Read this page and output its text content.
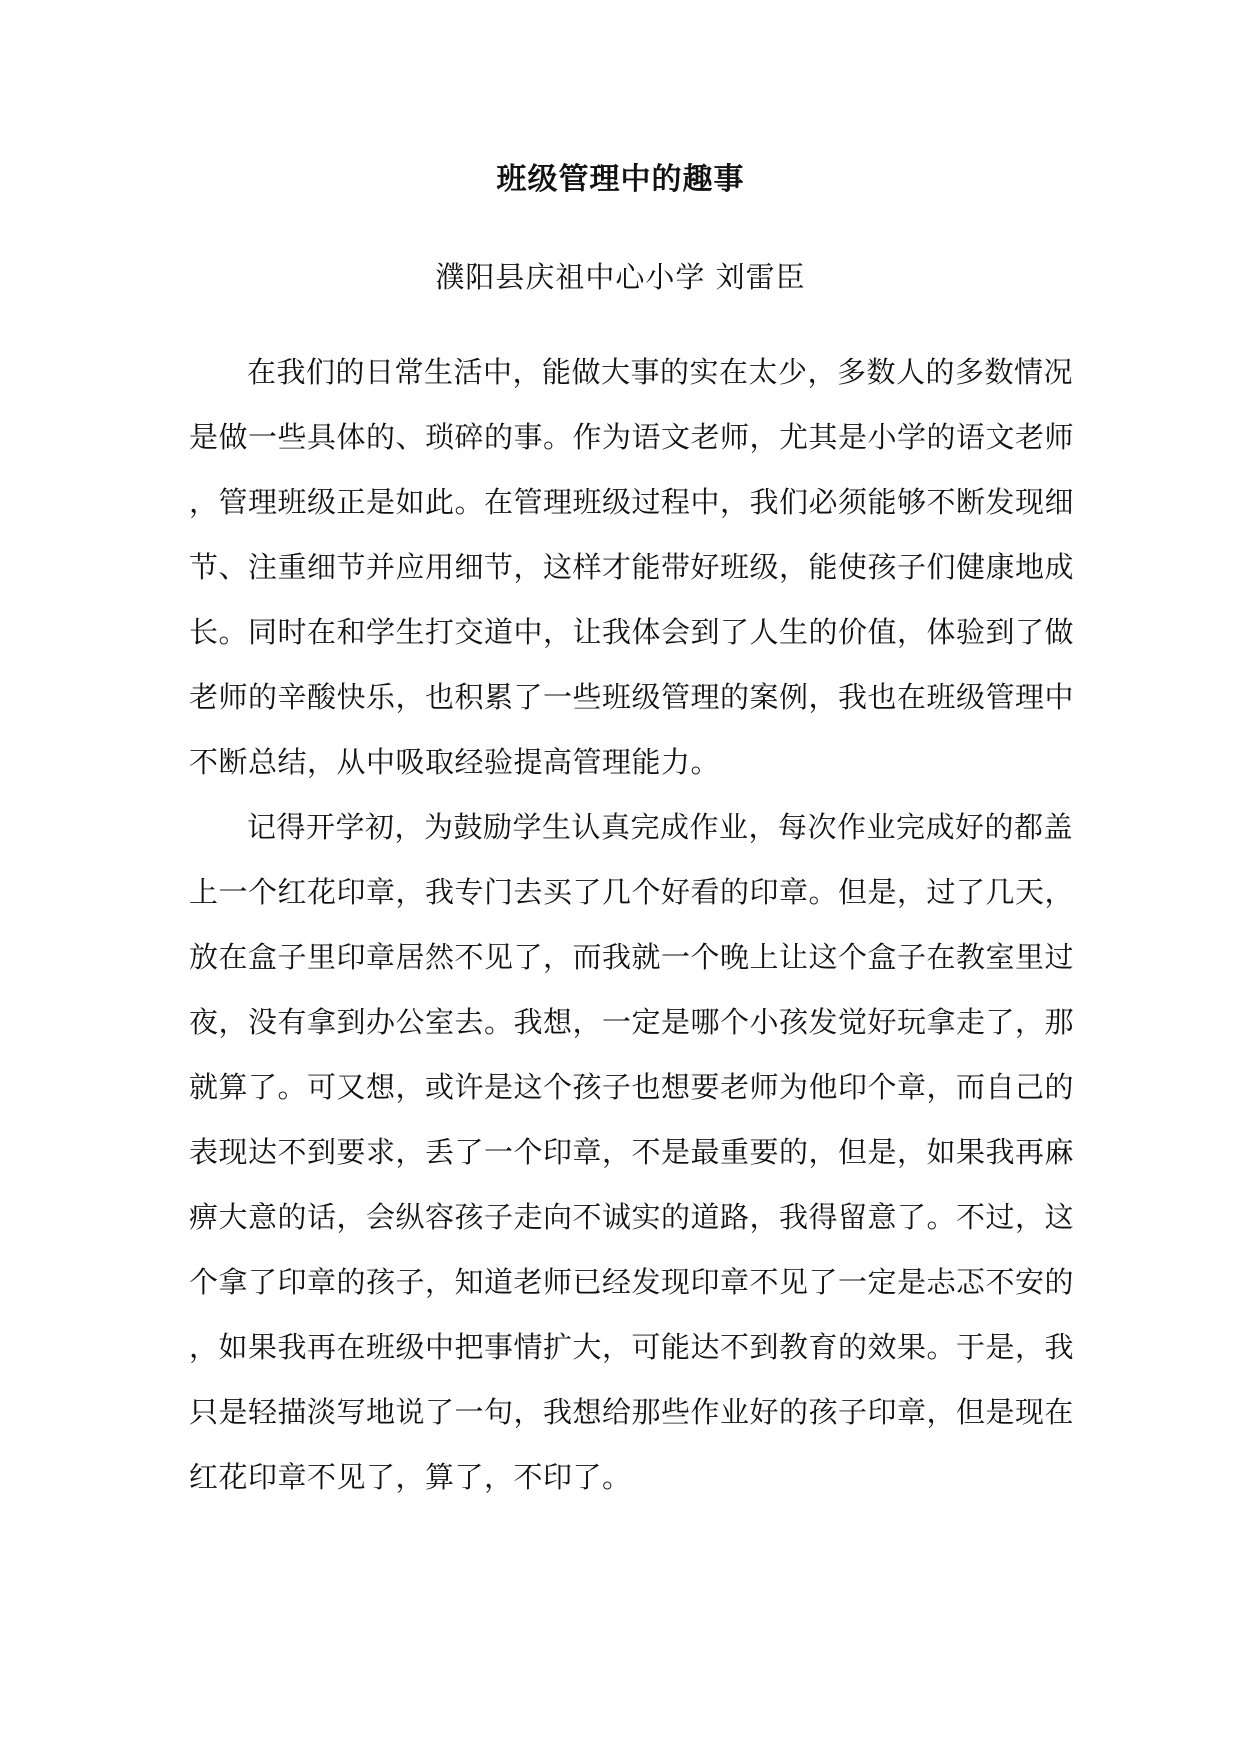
班级管理中的趣事

濮阳县庆祖中心小学 刘雷臣

在我们的日常生活中，能做大事的实在太少，多数人的多数情况
是做一些具体的、琐碎的事。作为语文老师，尤其是小学的语文老师
，管理班级正是如此。在管理班级过程中，我们必须能够不断发现细
节、注重细节并应用细节，这样才能带好班级，能使孩子们健康地成
长。同时在和学生打交道中，让我体会到了人生的价值，体验到了做
老师的辛酸快乐，也积累了一些班级管理的案例，我也在班级管理中
不断总结，从中吸取经验提高管理能力。
记得开学初，为鼓励学生认真完成作业，每次作业完成好的都盖
上一个红花印章，我专门去买了几个好看的印章。但是，过了几天，
放在盒子里印章居然不见了，而我就一个晚上让这个盒子在教室里过
夜，没有拿到办公室去。我想，一定是哪个小孩发觉好玩拿走了，那
就算了。可又想，或许是这个孩子也想要老师为他印个章，而自己的
表现达不到要求，丢了一个印章，不是最重要的，但是，如果我再麻
痹大意的话，会纵容孩子走向不诚实的道路，我得留意了。不过，这
个拿了印章的孩子，知道老师已经发现印章不见了一定是忐忑不安的
，如果我再在班级中把事情扩大，可能达不到教育的效果。于是，我
只是轻描淡写地说了一句，我想给那些作业好的孩子印章，但是现在
红花印章不见了，算了，不印了。
